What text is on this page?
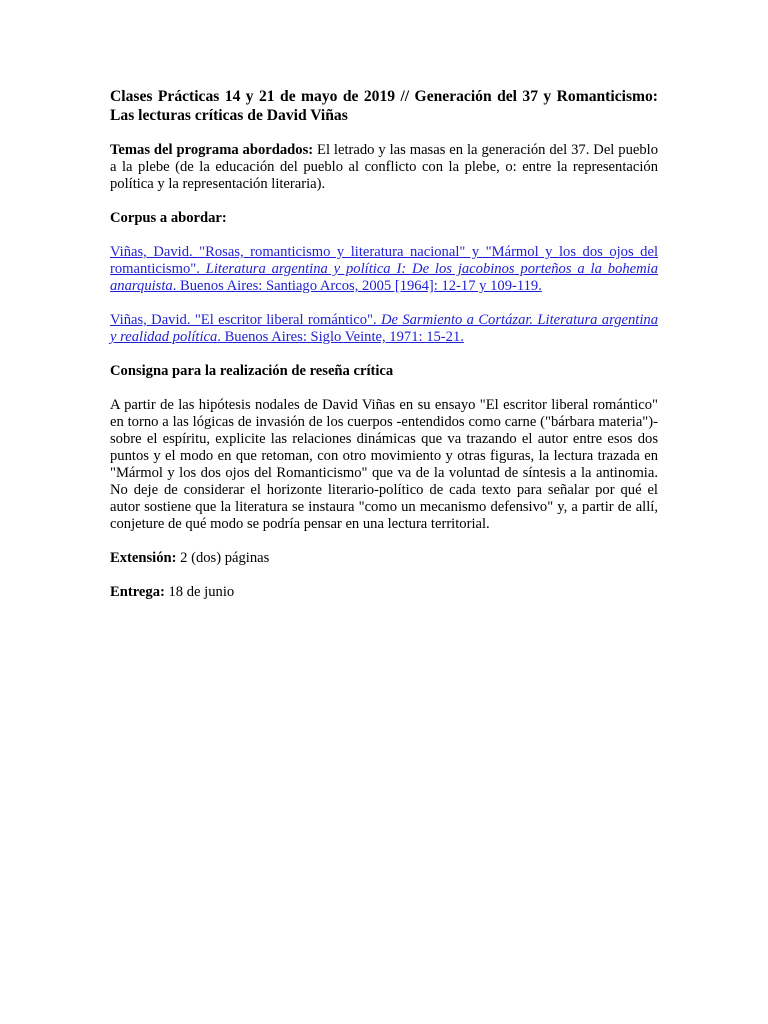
Clases Prácticas 14 y 21 de mayo de 2019 // Generación del 37 y Romanticismo: Las lecturas críticas de David Viñas

Temas del programa abordados: El letrado y las masas en la generación del 37. Del pueblo a la plebe (de la educación del pueblo al conflicto con la plebe, o: entre la representación política y la representación literaria).

Corpus a abordar:

Viñas, David. "Rosas, romanticismo y literatura nacional" y "Mármol y los dos ojos del romanticismo". Literatura argentina y política I: De los jacobinos porteños a la bohemia anarquista. Buenos Aires: Santiago Arcos, 2005 [1964]: 12-17 y 109-119.

Viñas, David. "El escritor liberal romántico". De Sarmiento a Cortázar. Literatura argentina y realidad política. Buenos Aires: Siglo Veinte, 1971: 15-21.

Consigna para la realización de reseña crítica

A partir de las hipótesis nodales de David Viñas en su ensayo "El escritor liberal romántico" en torno a las lógicas de invasión de los cuerpos -entendidos como carne ("bárbara materia")- sobre el espíritu, explicite las relaciones dinámicas que va trazando el autor entre esos dos puntos y el modo en que retoman, con otro movimiento y otras figuras, la lectura trazada en "Mármol y los dos ojos del Romanticismo" que va de la voluntad de síntesis a la antinomia. No deje de considerar el horizonte literario-político de cada texto para señalar por qué el autor sostiene que la literatura se instaura "como un mecanismo defensivo" y, a partir de allí, conjeture de qué modo se podría pensar en una lectura territorial.

Extensión: 2 (dos) páginas

Entrega: 18 de junio
